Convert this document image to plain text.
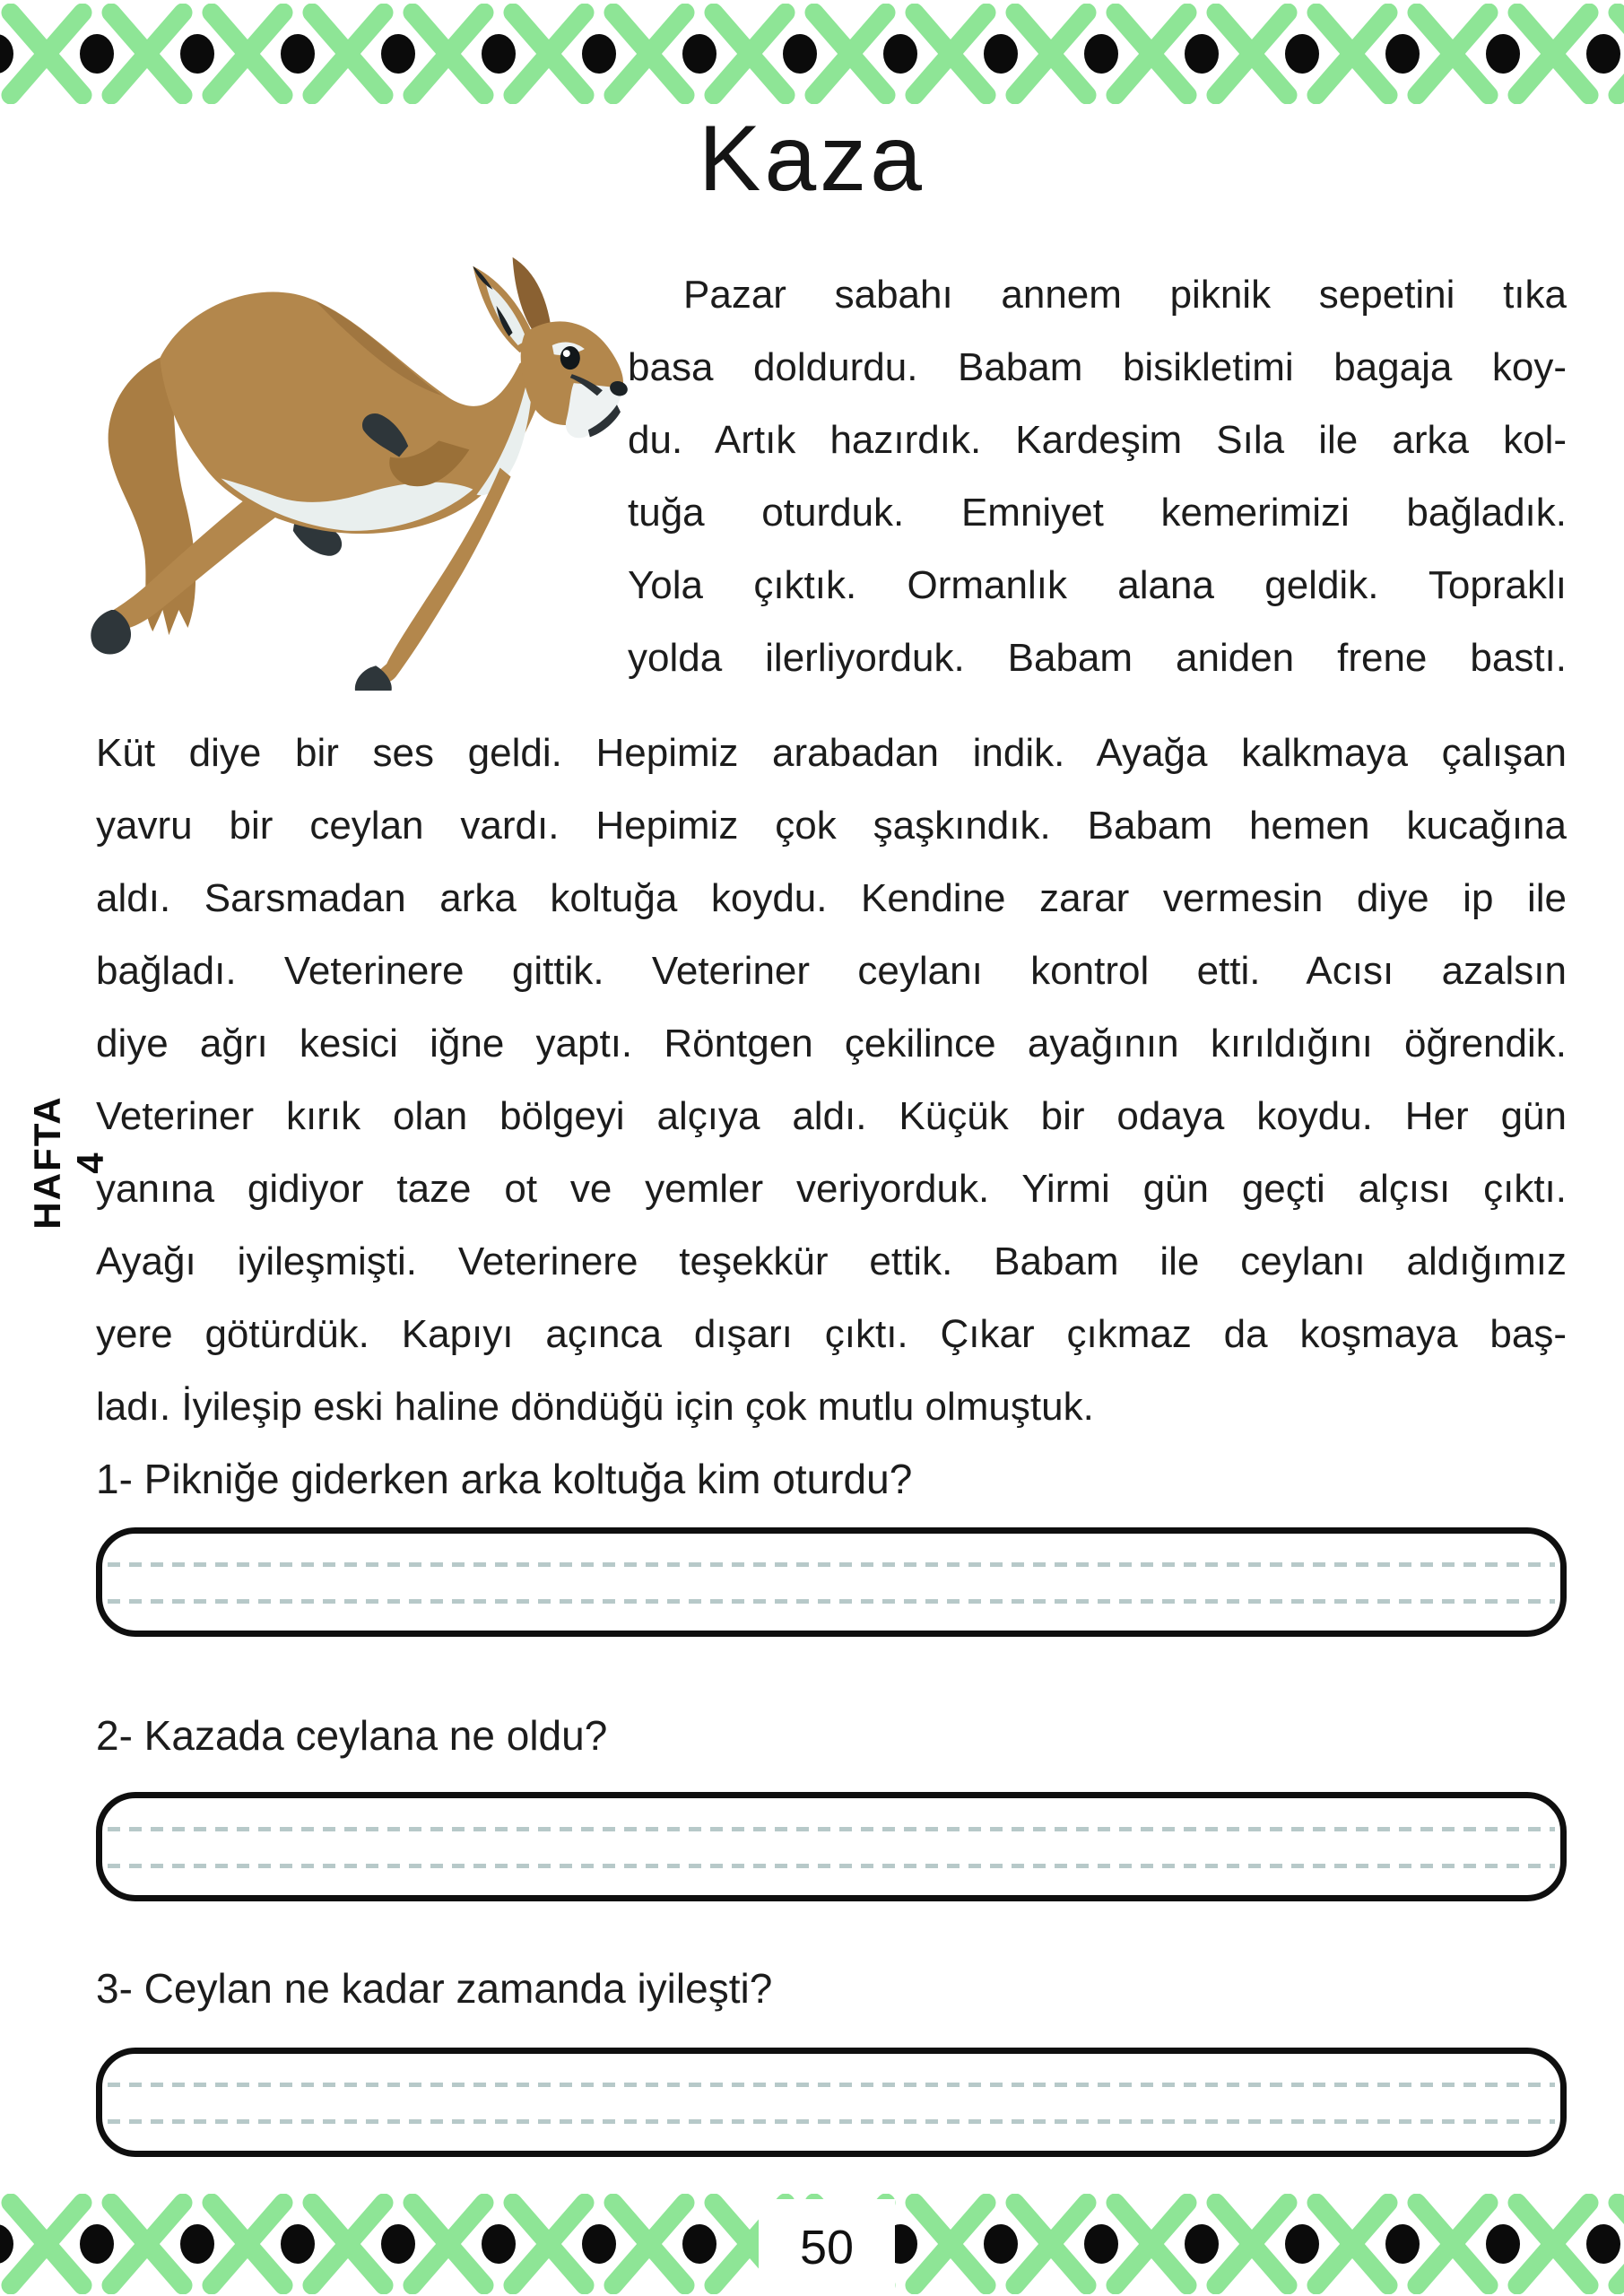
Kaza
Pazar sabahı annem piknik sepetini tıka
basa doldurdu. Babam bisikletimi bagaja koy-
du. Artık hazırdık. Kardeşim Sıla ile arka kol-
tuğa oturduk. Emniyet kemerimizi bağladık.
Yola çıktık. Ormanlık alana geldik. Topraklı
yolda ilerliyorduk. Babam aniden frene bastı.
Küt diye bir ses geldi. Hepimiz arabadan indik. Ayağa kalkmaya çalışan
yavru bir ceylan vardı. Hepimiz çok şaşkındık. Babam hemen kucağına
aldı. Sarsmadan arka koltuğa koydu. Kendine zarar vermesin diye ip ile
bağladı. Veterinere gittik. Veteriner ceylanı kontrol etti. Acısı azalsın
diye ağrı kesici iğne yaptı. Röntgen çekilince ayağının kırıldığını öğrendik.
Veteriner kırık olan bölgeyi alçıya aldı. Küçük bir odaya koydu. Her gün
yanına gidiyor taze ot ve yemler veriyorduk. Yirmi gün geçti alçısı çıktı.
Ayağı iyileşmişti. Veterinere teşekkür ettik. Babam ile ceylanı aldığımız
yere götürdük. Kapıyı açınca dışarı çıktı. Çıkar çıkmaz da koşmaya baş-
ladı. İyileşip eski haline döndüğü için çok mutlu olmuştuk.
HAFTA 4
1- Pikniğe giderken arka koltuğa kim oturdu?
2- Kazada ceylana ne oldu?
3- Ceylan ne kadar zamanda iyileşti?
50
